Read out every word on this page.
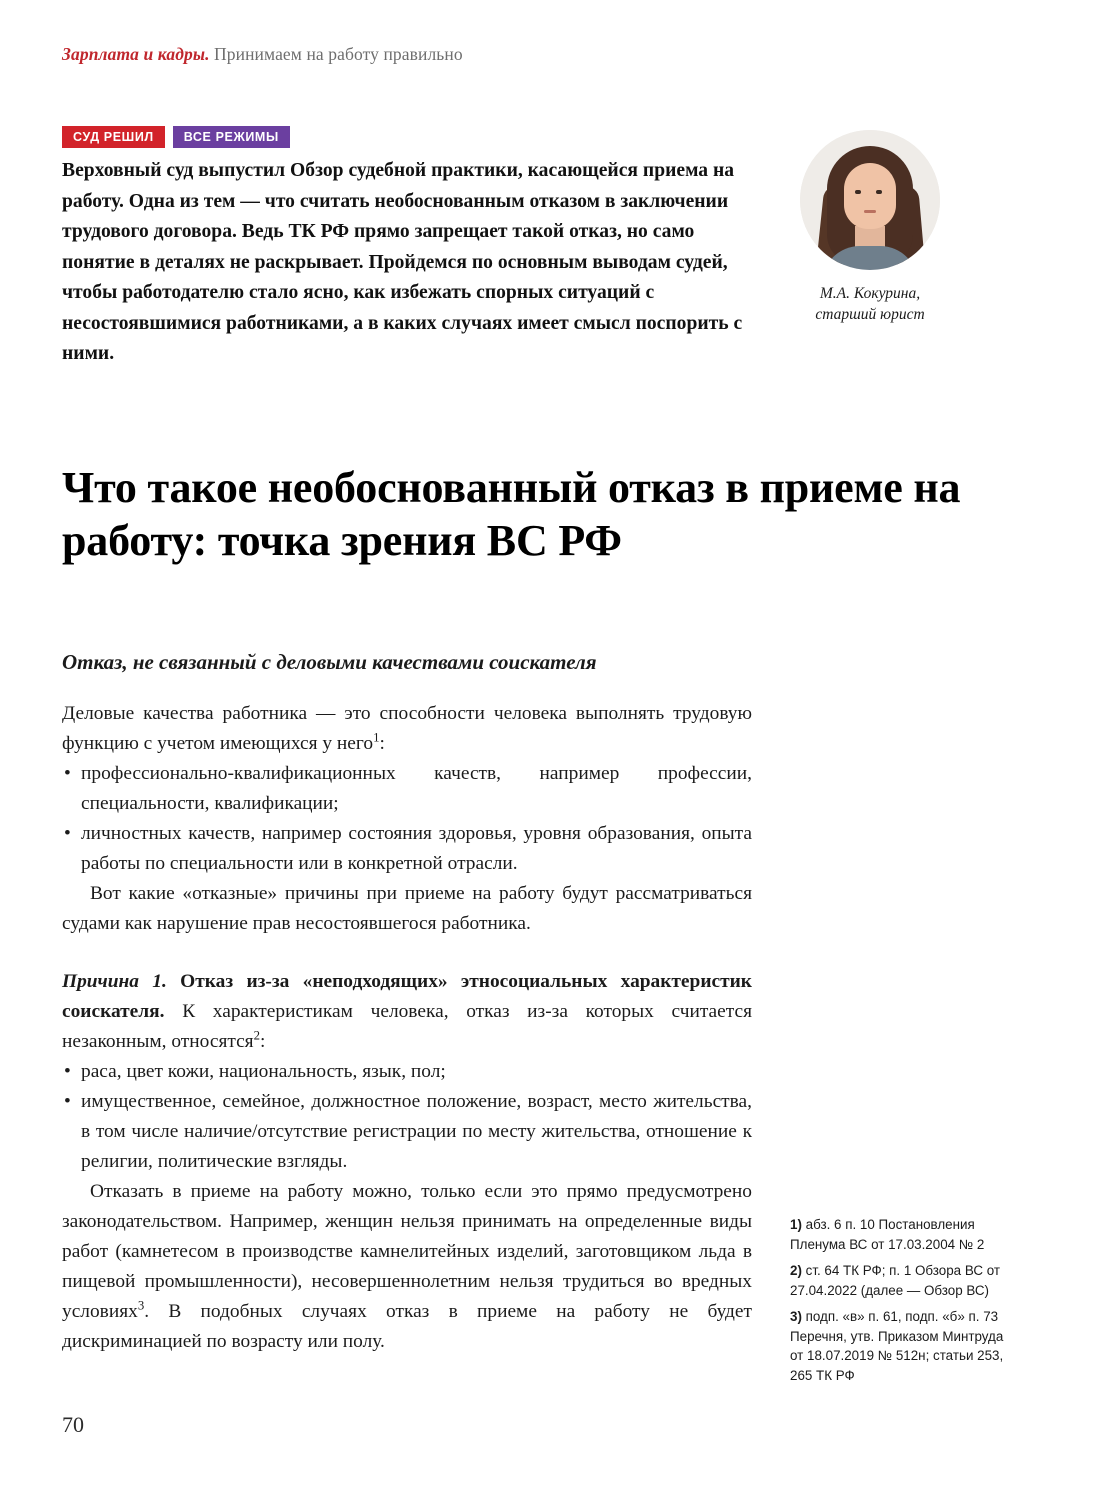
Зарплата и кадры. Принимаем на работу правильно
СУД РЕШИЛ	ВСЕ РЕЖИМЫ
Верховный суд выпустил Обзор судебной практики, касающейся приема на работу. Одна из тем — что считать необоснованным отказом в заключении трудового договора. Ведь ТК РФ прямо запрещает такой отказ, но само понятие в деталях не раскрывает. Пройдемся по основным выводам судей, чтобы работодателю стало ясно, как избежать спорных ситуаций с несостоявшимися работниками, а в каких случаях имеет смысл поспорить с ними.
М.А. Кокурина,
старший юрист
Что такое необоснованный отказ в приеме на работу: точка зрения ВС РФ
Отказ, не связанный с деловыми качествами соискателя

Деловые качества работника — это способности человека выполнять трудовую функцию с учетом имеющихся у него$^1$:

• профессионально-квалификационных качеств, например профессии, специальности, квалификации;
• личностных качеств, например состояния здоровья, уровня образования, опыта работы по специальности или в конкретной отрасли.

Вот какие «отказные» причины при приеме на работу будут рассматриваться судами как нарушение прав несостоявшегося работника.

Причина 1. Отказ из-за «неподходящих» этносоциальных характеристик соискателя. К характеристикам человека, отказ из-за которых считается незаконным, относятся$^2$:

• раса, цвет кожи, национальность, язык, пол;
• имущественное, семейное, должностное положение, возраст, место жительства, в том числе наличие/отсутствие регистрации по месту жительства, отношение к религии, политические взгляды.

Отказать в приеме на работу можно, только если это прямо предусмотрено законодательством. Например, женщин нельзя принимать на определенные виды работ (камнетесом в производстве камнелитейных изделий, заготовщиком льда в пищевой промышленности), несовершеннолетним нельзя трудиться во вредных условиях$^3$. В подобных случаях отказ в приеме на работу не будет дискриминацией по возрасту или полу.

1) абз. 6 п. 10 Постановления Пленума ВС от 17.03.2004 № 2
2) ст. 64 ТК РФ; п. 1 Обзора ВС от 27.04.2022 (далее — Обзор ВС)
3) подп. «в» п. 61, подп. «б» п. 73 Перечня, утв. Приказом Минтруда от 18.07.2019 № 512н; статьи 253, 265 ТК РФ
70
